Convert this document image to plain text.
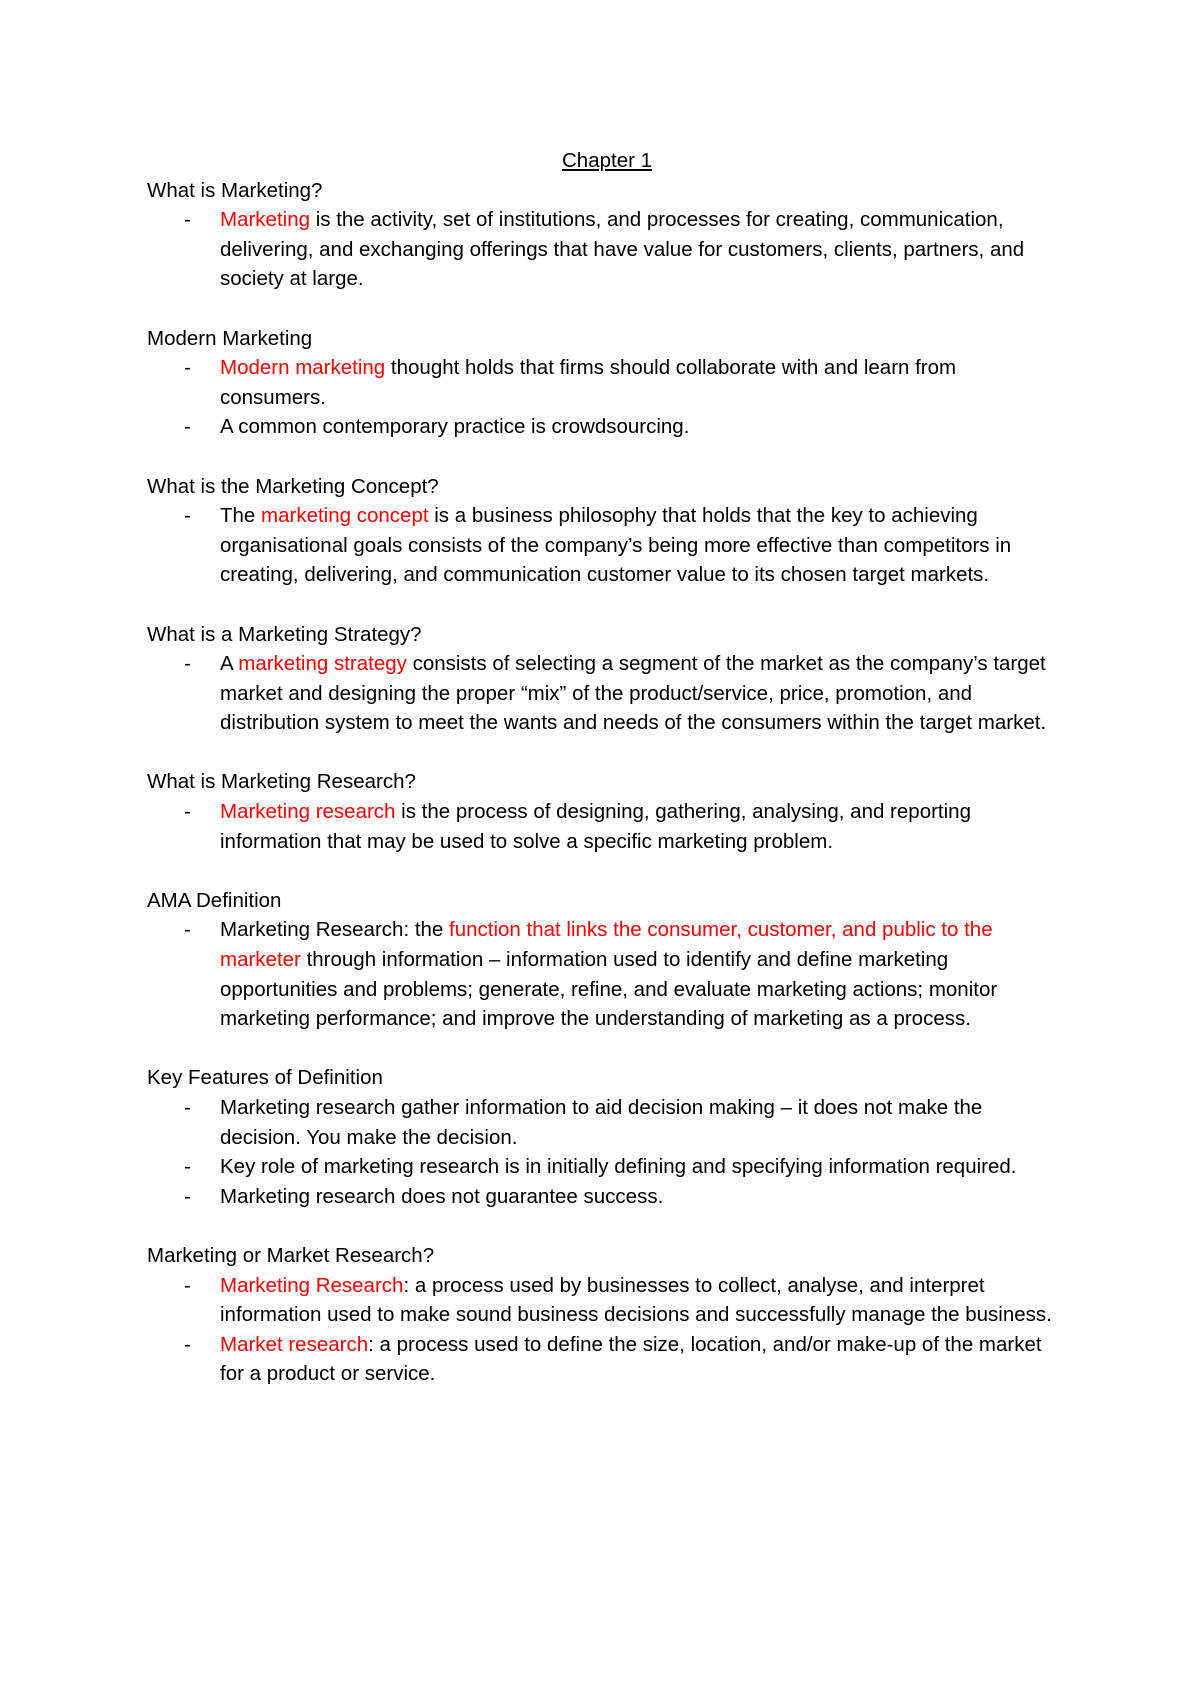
Chapter 1
What is Marketing?
- Marketing is the activity, set of institutions, and processes for creating, communication, delivering, and exchanging offerings that have value for customers, clients, partners, and society at large.
Modern Marketing
- Modern marketing thought holds that firms should collaborate with and learn from consumers.
- A common contemporary practice is crowdsourcing.
What is the Marketing Concept?
- The marketing concept is a business philosophy that holds that the key to achieving organisational goals consists of the company’s being more effective than competitors in creating, delivering, and communication customer value to its chosen target markets.
What is a Marketing Strategy?
- A marketing strategy consists of selecting a segment of the market as the company’s target market and designing the proper “mix” of the product/service, price, promotion, and distribution system to meet the wants and needs of the consumers within the target market.
What is Marketing Research?
- Marketing research is the process of designing, gathering, analysing, and reporting information that may be used to solve a specific marketing problem.
AMA Definition
- Marketing Research: the function that links the consumer, customer, and public to the marketer through information – information used to identify and define marketing opportunities and problems; generate, refine, and evaluate marketing actions; monitor marketing performance; and improve the understanding of marketing as a process.
Key Features of Definition
- Marketing research gather information to aid decision making – it does not make the decision. You make the decision.
- Key role of marketing research is in initially defining and specifying information required.
- Marketing research does not guarantee success.
Marketing or Market Research?
- Marketing Research: a process used by businesses to collect, analyse, and interpret information used to make sound business decisions and successfully manage the business.
- Market research: a process used to define the size, location, and/or make-up of the market for a product or service.
